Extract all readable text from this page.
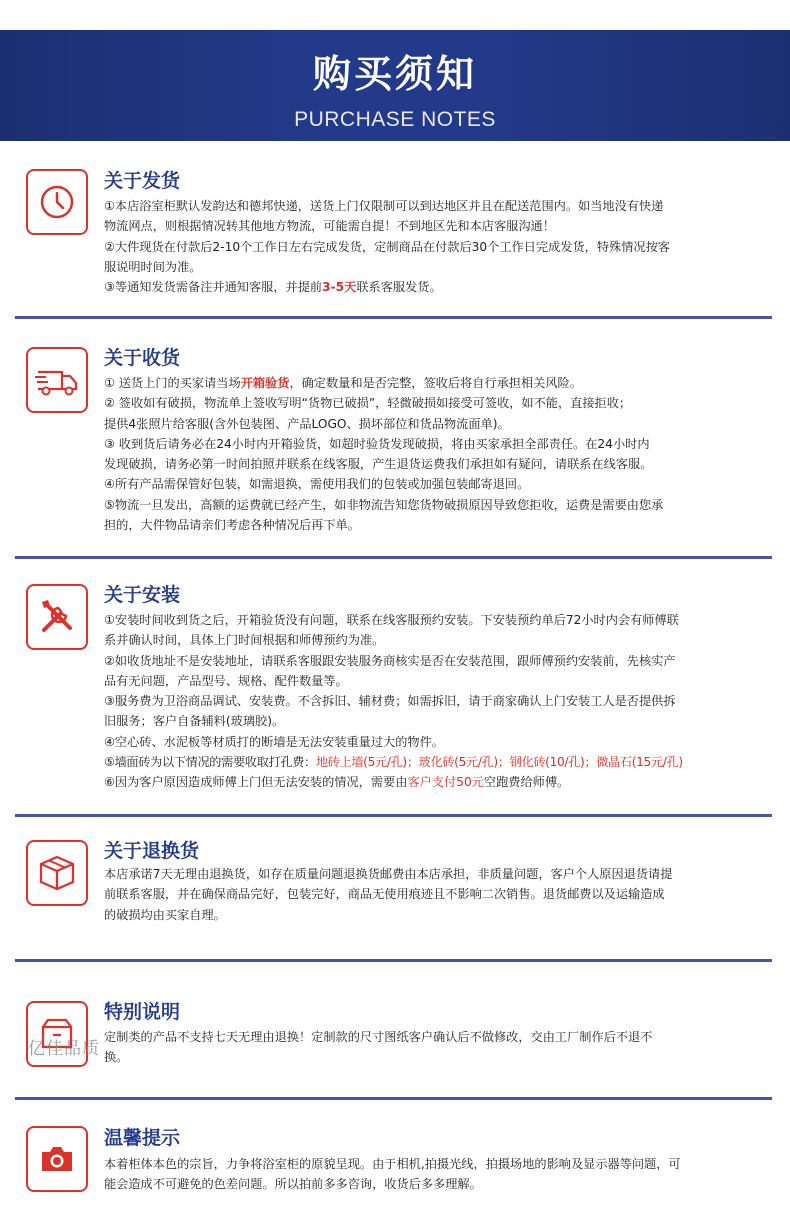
购买须知
PURCHASE NOTES
关于发货
①本店浴室柜默认发韵达和德邦快递，送货上门仅限制可以到达地区并且在配送范围内。如当地没有快递
物流网点，则根据情况转其他地方物流，可能需自提！不到地区先和本店客服沟通！
②大件现货在付款后2-10个工作日左右完成发货，定制商品在付款后30个工作日完成发货，特殊情况按客
服说明时间为准。
③等通知发货需备注并通知客服，并提前3-5天联系客服发货。
关于收货
① 送货上门的买家请当场开箱验货，确定数量和是否完整，签收后将自行承担相关风险。
② 签收如有破损，物流单上签收写明“货物已破损”，轻微破损如接受可签收，如不能，直接拒收；
提供4张照片给客服(含外包装图、产品LOGO、损坏部位和货品物流面单)。
③ 收到货后请务必在24小时内开箱验货，如超时验货发现破损，将由买家承担全部责任。在24小时内
发现破损，请务必第一时间拍照并联系在线客服，产生退货运费我们承担如有疑问，请联系在线客服。
④所有产品需保管好包装，如需退换，需使用我们的包装或加强包装邮寄退回。
⑤物流一旦发出，高额的运费就已经产生，如非物流告知您货物破损原因导致您拒收，运费是需要由您承
担的，大件物品请亲们考虑各种情况后再下单。
关于安装
①安装时间收到货之后，开箱验货没有问题，联系在线客服预约安装。下安装预约单后72小时内会有师傅联
系并确认时间，具体上门时间根据和师傅预约为准。
②如收货地址不是安装地址，请联系客服跟安装服务商核实是否在安装范围，跟师傅预约安装前，先核实产
品有无问题，产品型号、规格、配件数量等。
③服务费为卫浴商品调试、安装费。不含拆旧、辅材费；如需拆旧，请于商家确认上门安装工人是否提供拆
旧服务；客户自备辅料(玻璃胶)。
④空心砖、水泥板等材质打的断墙是无法安装重量过大的物件。
⑤墙面砖为以下情况的需要收取打孔费：地砖上墙(5元/孔)；玻化砖(5元/孔)；钢化砖(10/孔)；微晶石(15元/孔)
⑥因为客户原因造成师傅上门但无法安装的情况，需要由客户支付50元空跑费给师傅。
关于退换货
本店承诺7天无理由退换货，如存在质量问题退换货邮费由本店承担，非质量问题，客户个人原因退货请提
前联系客服，并在确保商品完好，包装完好，商品无使用痕迹且不影响二次销售。退货邮费以及运输造成
的破损均由买家自理。
特别说明
定制类的产品不支持七天无理由退换！定制款的尺寸图纸客户确认后不做修改，交由工厂制作后不退不
换。
亿佳品质
温馨提示
本着柜体本色的宗旨，力争将浴室柜的原貌呈现。由于相机,拍摄光线，拍摄场地的影响及显示器等问题，可
能会造成不可避免的色差问题。所以拍前多多咨询，收货后多多理解。
